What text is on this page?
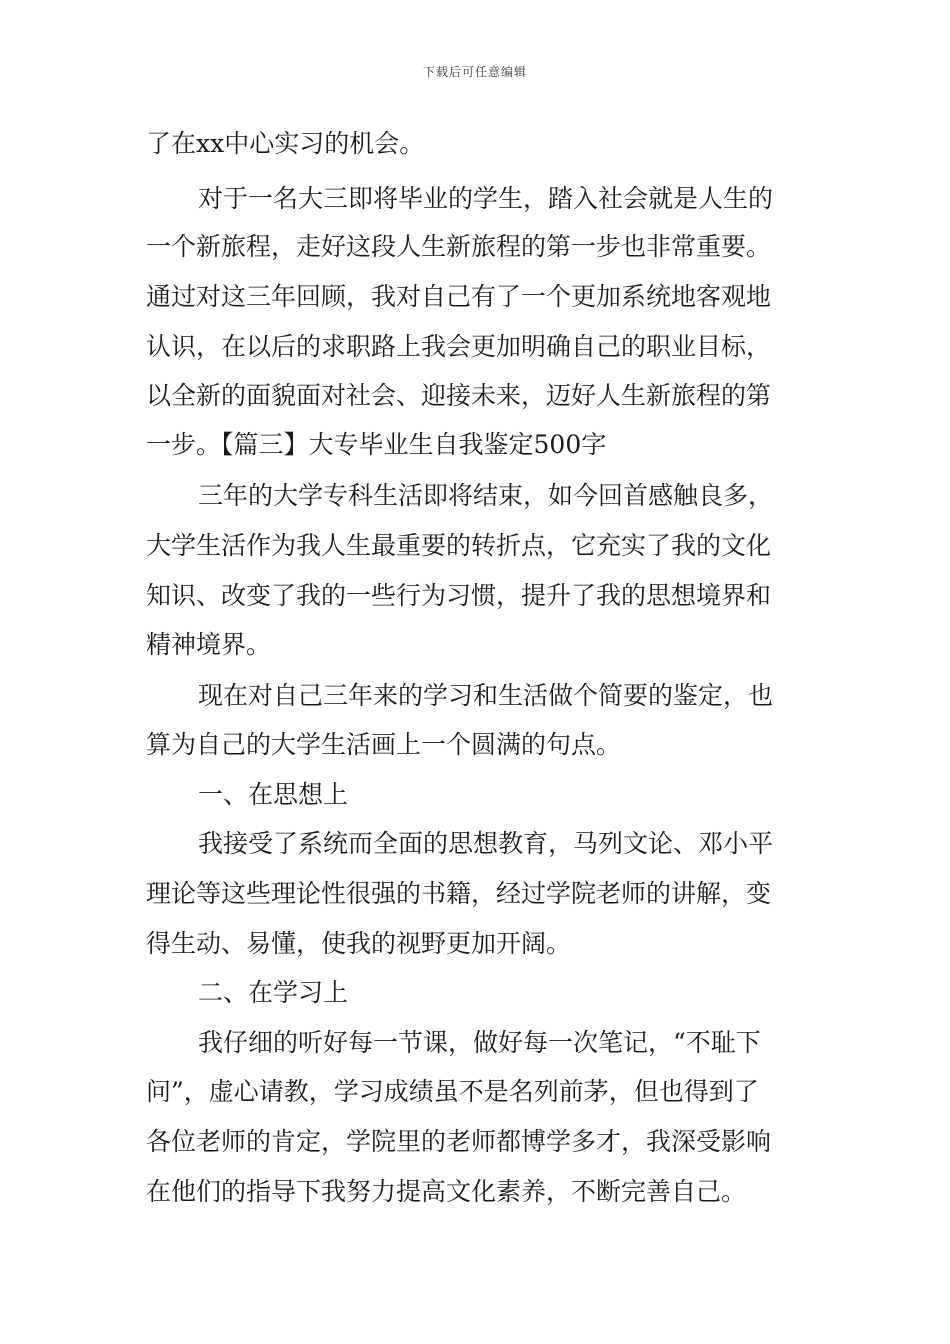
下载后可任意编辑
了在xx中心实习的机会。
对于一名大三即将毕业的学生，踏入社会就是人生的
一个新旅程，走好这段人生新旅程的第一步也非常重要。
通过对这三年回顾，我对自己有了一个更加系统地客观地
认识，在以后的求职路上我会更加明确自己的职业目标，
以全新的面貌面对社会、迎接未来，迈好人生新旅程的第
一步。【篇三】大专毕业生自我鉴定500字
三年的大学专科生活即将结束，如今回首感触良多，
大学生活作为我人生最重要的转折点，它充实了我的文化
知识、改变了我的一些行为习惯，提升了我的思想境界和
精神境界。
现在对自己三年来的学习和生活做个简要的鉴定，也
算为自己的大学生活画上一个圆满的句点。
一、在思想上
我接受了系统而全面的思想教育，马列文论、邓小平
理论等这些理论性很强的书籍，经过学院老师的讲解，变
得生动、易懂，使我的视野更加开阔。
二、在学习上
我仔细的听好每一节课，做好每一次笔记，“不耻下
问”，虚心请教，学习成绩虽不是名列前茅，但也得到了
各位老师的肯定，学院里的老师都博学多才，我深受影响
在他们的指导下我努力提高文化素养，不断完善自己。
